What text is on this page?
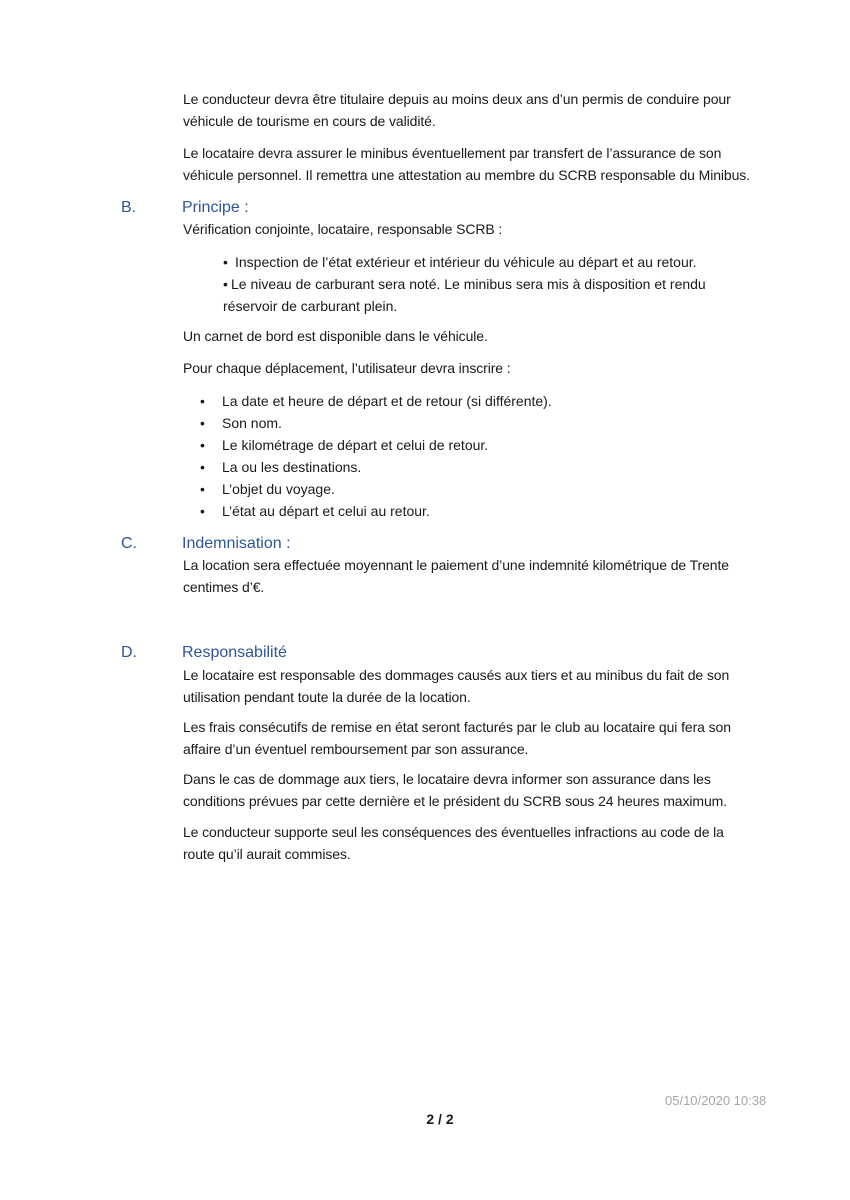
Le conducteur devra être titulaire depuis au moins deux ans d’un permis de conduire pour

véhicule de tourisme en cours de validité.

Le locataire devra assurer le minibus éventuellement par transfert de l’assurance de son

véhicule personnel. Il remettra une attestation au membre du SCRB responsable du Minibus.

B.	Principe :

Vérification conjointe, locataire, responsable SCRB :

• Inspection de l’état extérieur et intérieur du véhicule au départ et au retour.
• Le niveau de carburant sera noté. Le minibus sera mis à disposition et rendu
réservoir de carburant plein.

Un carnet de bord est disponible dans le véhicule.

Pour chaque déplacement, l’utilisateur devra inscrire :

• La date et heure de départ et de retour (si différente).
• Son nom.
• Le kilométrage de départ et celui de retour.
• La ou les destinations.
• L’objet du voyage.
• L’état au départ et celui au retour.
C.	Indemnisation :

La location sera effectuée moyennant le paiement d’une indemnité kilométrique de Trente

centimes d’€.

D.	Responsabilité

Le locataire est responsable des dommages causés aux tiers et au minibus du fait de son

utilisation pendant toute la durée de la location.

Les frais consécutifs de remise en état seront facturés par le club au locataire qui fera son

affaire d’un éventuel remboursement par son assurance.

Dans le cas de dommage aux tiers, le locataire devra informer son assurance dans les

conditions prévues par cette dernière et le président du SCRB sous 24 heures maximum.

Le conducteur supporte seul les conséquences des éventuelles infractions au code de la

route qu’il aurait commises.

05/10/2020 10:38
2 / 2
